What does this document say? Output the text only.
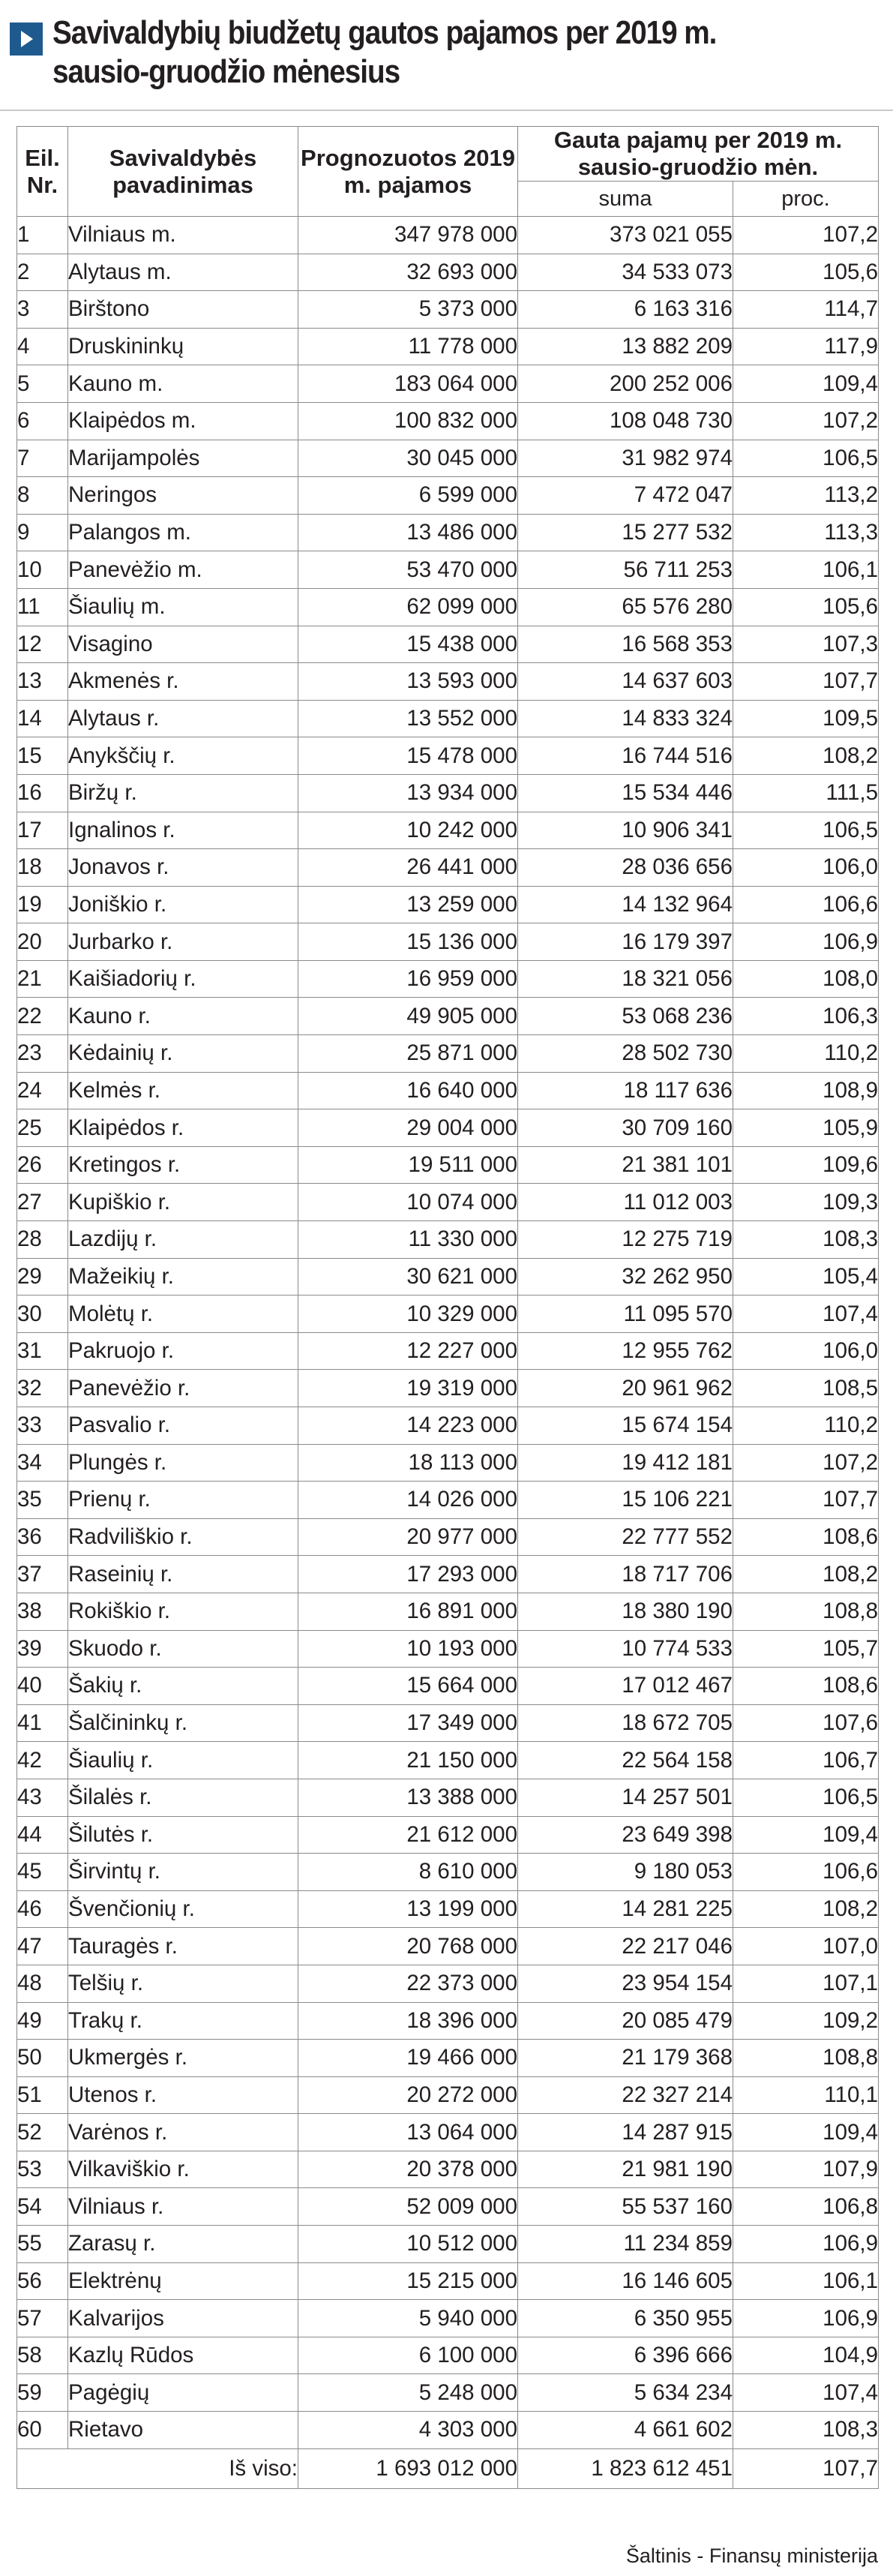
Savivaldybių biudžetų gautos pajamos per 2019 m. sausio-gruodžio mėnesius
Eil. Nr.	Savivaldybės pavadinimas	Prognozuotos 2019 m. pajamos	Gauta pajamų per 2019 m. sausio-gruodžio mėn.	
			suma	proc.
1	Vilniaus m.	347 978 000	373 021 055	107,2
2	Alytaus m.	32 693 000	34 533 073	105,6
3	Birštono	5 373 000	6 163 316	114,7
4	Druskininkų	11 778 000	13 882 209	117,9
5	Kauno m.	183 064 000	200 252 006	109,4
6	Klaipėdos m.	100 832 000	108 048 730	107,2
7	Marijampolės	30 045 000	31 982 974	106,5
8	Neringos	6 599 000	7 472 047	113,2
9	Palangos m.	13 486 000	15 277 532	113,3
10	Panevėžio m.	53 470 000	56 711 253	106,1
11	Šiaulių m.	62 099 000	65 576 280	105,6
12	Visagino	15 438 000	16 568 353	107,3
13	Akmenės r.	13 593 000	14 637 603	107,7
14	Alytaus r.	13 552 000	14 833 324	109,5
15	Anykščių r.	15 478 000	16 744 516	108,2
16	Biržų r.	13 934 000	15 534 446	111,5
17	Ignalinos r.	10 242 000	10 906 341	106,5
18	Jonavos r.	26 441 000	28 036 656	106,0
19	Joniškio r.	13 259 000	14 132 964	106,6
20	Jurbarko r.	15 136 000	16 179 397	106,9
21	Kaišiadorių r.	16 959 000	18 321 056	108,0
22	Kauno r.	49 905 000	53 068 236	106,3
23	Kėdainių r.	25 871 000	28 502 730	110,2
24	Kelmės r.	16 640 000	18 117 636	108,9
25	Klaipėdos r.	29 004 000	30 709 160	105,9
26	Kretingos r.	19 511 000	21 381 101	109,6
27	Kupiškio r.	10 074 000	11 012 003	109,3
28	Lazdijų r.	11 330 000	12 275 719	108,3
29	Mažeikių r.	30 621 000	32 262 950	105,4
30	Molėtų r.	10 329 000	11 095 570	107,4
31	Pakruojo r.	12 227 000	12 955 762	106,0
32	Panevėžio r.	19 319 000	20 961 962	108,5
33	Pasvalio r.	14 223 000	15 674 154	110,2
34	Plungės r.	18 113 000	19 412 181	107,2
35	Prienų r.	14 026 000	15 106 221	107,7
36	Radviliškio r.	20 977 000	22 777 552	108,6
37	Raseinių r.	17 293 000	18 717 706	108,2
38	Rokiškio r.	16 891 000	18 380 190	108,8
39	Skuodo r.	10 193 000	10 774 533	105,7
40	Šakių r.	15 664 000	17 012 467	108,6
41	Šalčininkų r.	17 349 000	18 672 705	107,6
42	Šiaulių r.	21 150 000	22 564 158	106,7
43	Šilalės r.	13 388 000	14 257 501	106,5
44	Šilutės r.	21 612 000	23 649 398	109,4
45	Širvintų r.	8 610 000	9 180 053	106,6
46	Švenčionių r.	13 199 000	14 281 225	108,2
47	Tauragės r.	20 768 000	22 217 046	107,0
48	Telšių r.	22 373 000	23 954 154	107,1
49	Trakų r.	18 396 000	20 085 479	109,2
50	Ukmergės r.	19 466 000	21 179 368	108,8
51	Utenos r.	20 272 000	22 327 214	110,1
52	Varėnos r.	13 064 000	14 287 915	109,4
53	Vilkaviškio r.	20 378 000	21 981 190	107,9
54	Vilniaus r.	52 009 000	55 537 160	106,8
55	Zarasų r.	10 512 000	11 234 859	106,9
56	Elektrėnų	15 215 000	16 146 605	106,1
57	Kalvarijos	5 940 000	6 350 955	106,9
58	Kazlų Rūdos	6 100 000	6 396 666	104,9
59	Pagėgių	5 248 000	5 634 234	107,4
60	Rietavo	4 303 000	4 661 602	108,3
Iš viso:		1 693 012 000	1 823 612 451	107,7
Šaltinis - Finansų ministerija
